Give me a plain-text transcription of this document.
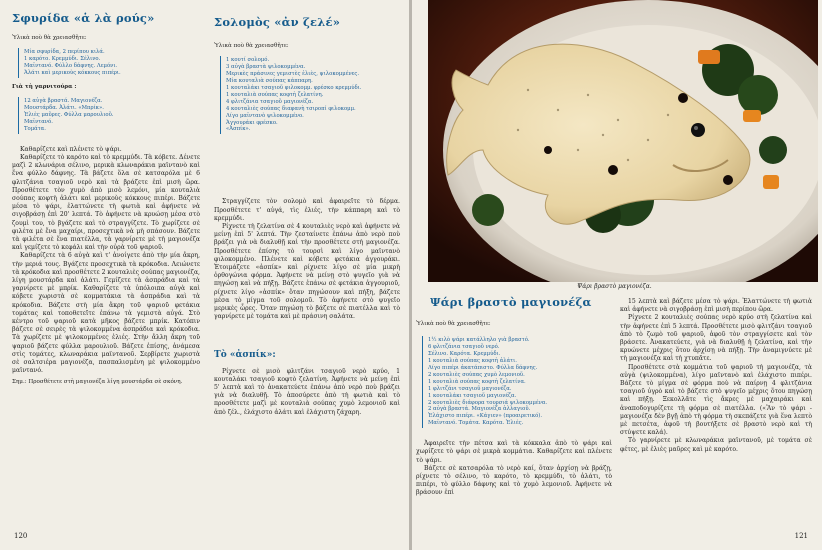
Σφυρίδα «ἁ λὰ ρούς»
Ὑλικὰ ποὺ θὰ χρειασθῆτε:
Μία σφυρίδα, 2 περίπου κιλά.
1 καρότο. Κρεμμύδι. Σέλινο.
Μαϊντανό. Φύλλο δάφνης. Λεμόνι.
Ἀλάτι καὶ μερικοὺς κόκκους πιπέρι.
Γιὰ τὴ γαρνιτούρα :
12 αὐγὰ βραστά. Μαγιονέζα.
Μουστάρδα. Ἀλάτι. «Μπρίκ».
Ἐλιὲς μαῦρες. Φύλλα μαρουλιοῦ.
Μαϊντανό.
Τομάτα.

Καθαρίζετε καὶ πλένετε τὸ ψάρι.

Καθαρίζετε τὸ καρότο καὶ τὸ κρεμμύδι. Τὰ κόβετε. Δένετε μαζὶ 2 κλωνάρια σέλινο, μερικὰ κλωναράκια μαϊντανὸ καὶ ἕνα φύλλο δάφνης. Τὰ βάζετε ὅλα σὲ κατσαρόλα μὲ 6 φλιτζάνια τσαγιοῦ νερὸ καὶ τὰ βράζετε ἐπὶ μισὴ ὥρα. Προσθέτετε τὸν χυμὸ ἀπὸ μισὸ λεμόνι, μία κουταλιὰ σούπας κοφτὴ ἁλάτι καὶ μερικοὺς κόκκους πιπέρι. Βάζετε μέσα τὸ ψάρι, ἐλαττώνετε τὴ φωτιὰ καὶ ἀφήνετε νὰ σιγοβράσῃ ἐπὶ 20' λεπτά. Τὸ ἀφήνετε νὰ κρυώσῃ μέσα στὸ ζουμὶ του, τὸ βγάζετε καὶ τὸ στραγγίζετε. Τὸ χωρίζετε σὲ φιλέτα μὲ ἕνα μαχαίρι, προσεχτικὰ νὰ μὴ σπάσουν. Βάζετε τὰ φιλέτα σὲ ἕνα πιατέλλα, τὰ γαρνίρετε μὲ τὴ μαγιονέζα καὶ γεμίζετε τὸ κεφάλι καὶ τὴν οὐρὰ τοῦ ψαριοῦ.

Καθαρίζετε τὰ 6 αὐγὰ καὶ τ' ἀνοίγετε ἀπὸ τὴν μία ἄκρη, τὴν μεριά τους. Βγάζετε προσεχτικὰ τὰ κρόκοδια. Λειώνετε τὰ κρόκοδια καὶ προσθέτετε 2 κουταλιὲς σούπας μαγιονέζα, λίγη μουστάρδα καὶ ἀλάτι. Γεμίζετε τὰ ἀσπράδια καὶ τὰ γαρνίρετε μὲ μπρίκ. Καθαρίζετε τὰ ὑπόλοιπα αὐγὰ καὶ κόβετε χωριστὰ σὲ κομματάκια τὰ ἀσπράδια καὶ τὰ κρόκοδια. Βάζετε στὴ μία ἄκρη τοῦ ψαριοῦ φετάκια τομάτας καὶ τοποθετεῖτε ἐπάνω τὰ γεμιστὰ αὐγά. Στὸ κέντρο τοῦ ψαριοῦ κατὰ μῆκος βάζετε μπρίκ. Κατόπιν βάζετε σὲ σειρὲς τὰ ψιλοκομμένα ἀσπράδια καὶ κρόκοδια. Τὰ χωρίζετε μὲ ψιλοκομμένες ἐλιές. Στὴν ἄλλη ἄκρη τοῦ ψαριοῦ βάζετε φύλλα μαρουλιοῦ. Βάζετε ἐπίσης, ἀνάμεσα στὶς τομάτες, κλωναράκια μαϊντανοῦ. Σερβίρετε χωριστὰ σὲ σαλτσιέρα μαγιονέζα, πασπαλισμένη μὲ ψιλοκομμένο μαϊντανό.

Σημ.: Προσθέτετε στὴ μαγιονέζα λίγη μουστάρδα σὲ σκόνη.
Σολομὸς «ἀν ζελέ»
Ὑλικὰ ποὺ θὰ χρειασθῆτε:
1 κουτί σολομό.
3 αὐγὰ βραστὰ ψιλοκομμένα.
Μερικὲς πράσινες γεμιστὲς ἐλιὲς, ψιλοκομμένες.
Μία κουταλιὰ σούπας κάππαρη.
1 κουταλάκι τσαγιοῦ φιλοκομμ. φρέσκο κρεμμύδι.
1 κουταλιὰ σούπας κοφτὴ ζελατίνη.
4 φλιτζάνια τσαγιοῦ μαγιονέζα.
4 κουταλιὲς σούπας διαφανὴ τσιροπί φιλοκομμ.
Λίγο μαϊντανὸ ψιλοκομμένο.
Ἀγγουράκι φρέσκο.
«Ἀσπίκ».

Στραγγίζετε τὸν σολομὸ καὶ ἀφαιρεῖτε τὸ δέρμα. Προσθέτετε τ' αὐγά, τὶς ἐλιές, τὴν κάππαρη καὶ τὸ κρεμμύδι.

Ρίχνετε τὴ ζελατίνα σὲ 4 κουταλιὲς νερὸ καὶ ἀφήνετε νὰ μείνῃ ἐπὶ 5' λεπτά. Τὴν ζεσταίνετε ἐπάνω ἀπὸ νερὸ ποὺ βράζει γιὰ νὰ διαλυθῇ καὶ τὴν προσθέτετε στὴ μαγιονέζα. Προσθέτετε ἐπίσης τὸ τουρσὶ καὶ λίγο μαϊντανὸ φιλοκομμένο. Πλένετε καὶ κόβετε φετάκια ἀγγουράκι. Ἑτοιμάζετε «ἀσπίκ» καὶ ρίχνετε λίγο σὲ μία μικρὴ ὀρθογώνια φόρμα. Ἀφήνετε νὰ μείνῃ στὸ ψυγεῖο γιὰ νὰ πηγώσῃ καὶ νὰ πήξῃ. Βάζετε ἐπάνω σὲ φετάκια ἀγγουριοῦ, ρίχνετε λίγο «ἀσπίκ» ὅταν πηγώσουν καὶ πήξη, βάζετε μέσα τὸ μίγμα τοῦ σολομοῦ. Τὸ ἀφήνετε στὸ ψυγεῖο μερικὲς ὧρες. Ὅταν πηγώσῃ τὸ βάζετε σὲ πιατέλλα καὶ τὸ γαρνίρετε μὲ τομάτα καὶ μὲ πράσινη σαλάτα.

Τὸ «ἀσπίκ»:

Ρίχνετε σὲ μισὸ φλιτζάνι τσαγιοῦ νερὸ κρύο, 1 κουταλάκι τσαγιοῦ κοφτὸ ζελατίνη. Ἀφήνετε νὰ μείνῃ ἐπὶ 5' λεπτὰ καὶ τὸ ἀνακατεύετε ἐπάνω ἀπὸ νερὸ ποὺ βράζει γιὰ νὰ διαλυθῇ. Τὸ ἀποσύρετε ἀπὸ τὴ φωτιὰ καὶ τὸ προσθέτετε μαζὶ μὲ κουταλιὰ σούπας χυμὸ λεμονιοῦ καὶ ἀπὸ ζέλ., ἐλάχιστο ἀλάτι καὶ ἐλάχιστη ζάχαρη.

120
Ψάρι βραστὸ μαγιονέζα.
Ψάρι βραστὸ μαγιονέζα
Ὑλικὰ ποὺ θὰ χρειασθῆτε:
1½ κιλὸ ψάρι κατάλληλο γιὰ βραστό.
6 φλιτζάνια τσαγιοῦ νερό.
Σέλινο. Καρότα. Κρεμμύδι.
1 κουταλιὰ σούπας κοφτὴ ἁλάτι.
Λίγο πιπέρι ἀκατάπιστο. Φύλλα δάφνης.
2 κουταλιὲς σούπας χυμὸ λεμονιοῦ.
1 κουταλιὰ σούπας κοφτὴ ζελατίνα.
1 φλιτζάνι τσαγιοῦ μαγιονέζα.
1 κουταλάκι τσαγιοῦ μαγιονέζα.
2 κουταλιὲς διάφορα τουρσιά ψιλοκομμένα.
2 αὐγὰ βραστά. Μαγιονέζα ἀλλαγιοῦ.
Ἐλάχιστο πιπέρι. «Κάγιεν» (προαιρετικό).
Μαϊντανό. Τομάτα. Καρότα. Ἐλιές.

Ἀφαιρεῖτε τὴν πέτσα καὶ τὰ κόκκαλα ἀπὸ τὸ ψάρι καὶ χωρίζετε τὸ ψάρι σὲ μικρὰ κομμάτια. Καθαρίζετε καὶ πλένετε τὸ ψάρι.

Βάζετε σὲ κατσαρόλα τὸ νερὸ καί, ὅταν ἀρχίσῃ νὰ βράζῃ, ρίχνετε τὸ σέλινο, τὸ καρότο, τὸ κρεμμύδι, τὸ ἁλάτι, τὸ πιπέρι, τὸ φύλλο δάφνης καὶ τὸ χυμὸ λεμονιοῦ. Ἀφήνετε νὰ βράσουν ἐπὶ

15 λεπτὰ καὶ βάζετε μέσα τὸ ψάρι. Ἐλαττώνετε τὴ φωτιὰ καὶ ἀφήνετε νὰ σιγοβράσῃ ἐπὶ μισὴ περίπου ὥρα.

Ρίχνετε 2 κουταλιὲς σούπας νερὸ κρύο στὴ ζελατίνα καὶ τὴν ἀφήνετε ἐπὶ 5 λεπτά. Προσθέτετε μισὸ φλιτζάνι τσαγιοῦ ἀπὸ τὸ ζωμὸ τοῦ ψαριοῦ, ἀφοῦ τὸν στραγγίσετε καὶ τὸν βράσετε. Ἀνακατεύετε, γιὰ νὰ διαλυθῇ ἡ ζελατίνα, καὶ τὴν κρυώνετε μέχρις ὅτου ἀρχίσῃ νὰ πήξῃ. Τὴν ἀναμιγνύετε μὲ τὴ μαγιονέζα καὶ τὴ χτυπᾶτε.

Προσθέτετε στὰ κομμάτια τοῦ ψαριοῦ τὴ μαγιονέζα, τὰ αὐγὰ (ψιλοκομμένα), λίγο μαϊντανὸ καὶ ἐλάχιστο πιπέρι. Βάζετε τὸ μίγμα σὲ φόρμα ποὺ νὰ παίρνῃ 4 φλιτζάνια τσαγιοῦ ὑγρὸ καὶ τὸ βάζετε στὸ ψυγεῖο μέχρις ὅτου πηγώσῃ καὶ πήξῃ. Ξεκολλᾶτε τὶς ἄκρες μὲ μαχαιράκι καὶ ἀναποδογυρίζετε τὴ φόρμα σὲ πιατέλλα. («Ἂν τὸ ψάρι - μαγιονέζα δὲν βγῇ ἀπὸ τὴ φόρμα τὴ σκεπάζετε γιὰ ἕνα λεπτὸ μὲ πετσέτα, ἀφοῦ τὴ βουτήξετε σὲ βραστὸ νερὸ καὶ τὴ στύψετε καλά).

Τὸ γαρνίρετε μὲ κλωναράκια μαϊντανοῦ, μὲ τομάτα σὲ φέτες, μὲ ἐλιὲς μαῦρες καὶ μὲ καρότο.

121
